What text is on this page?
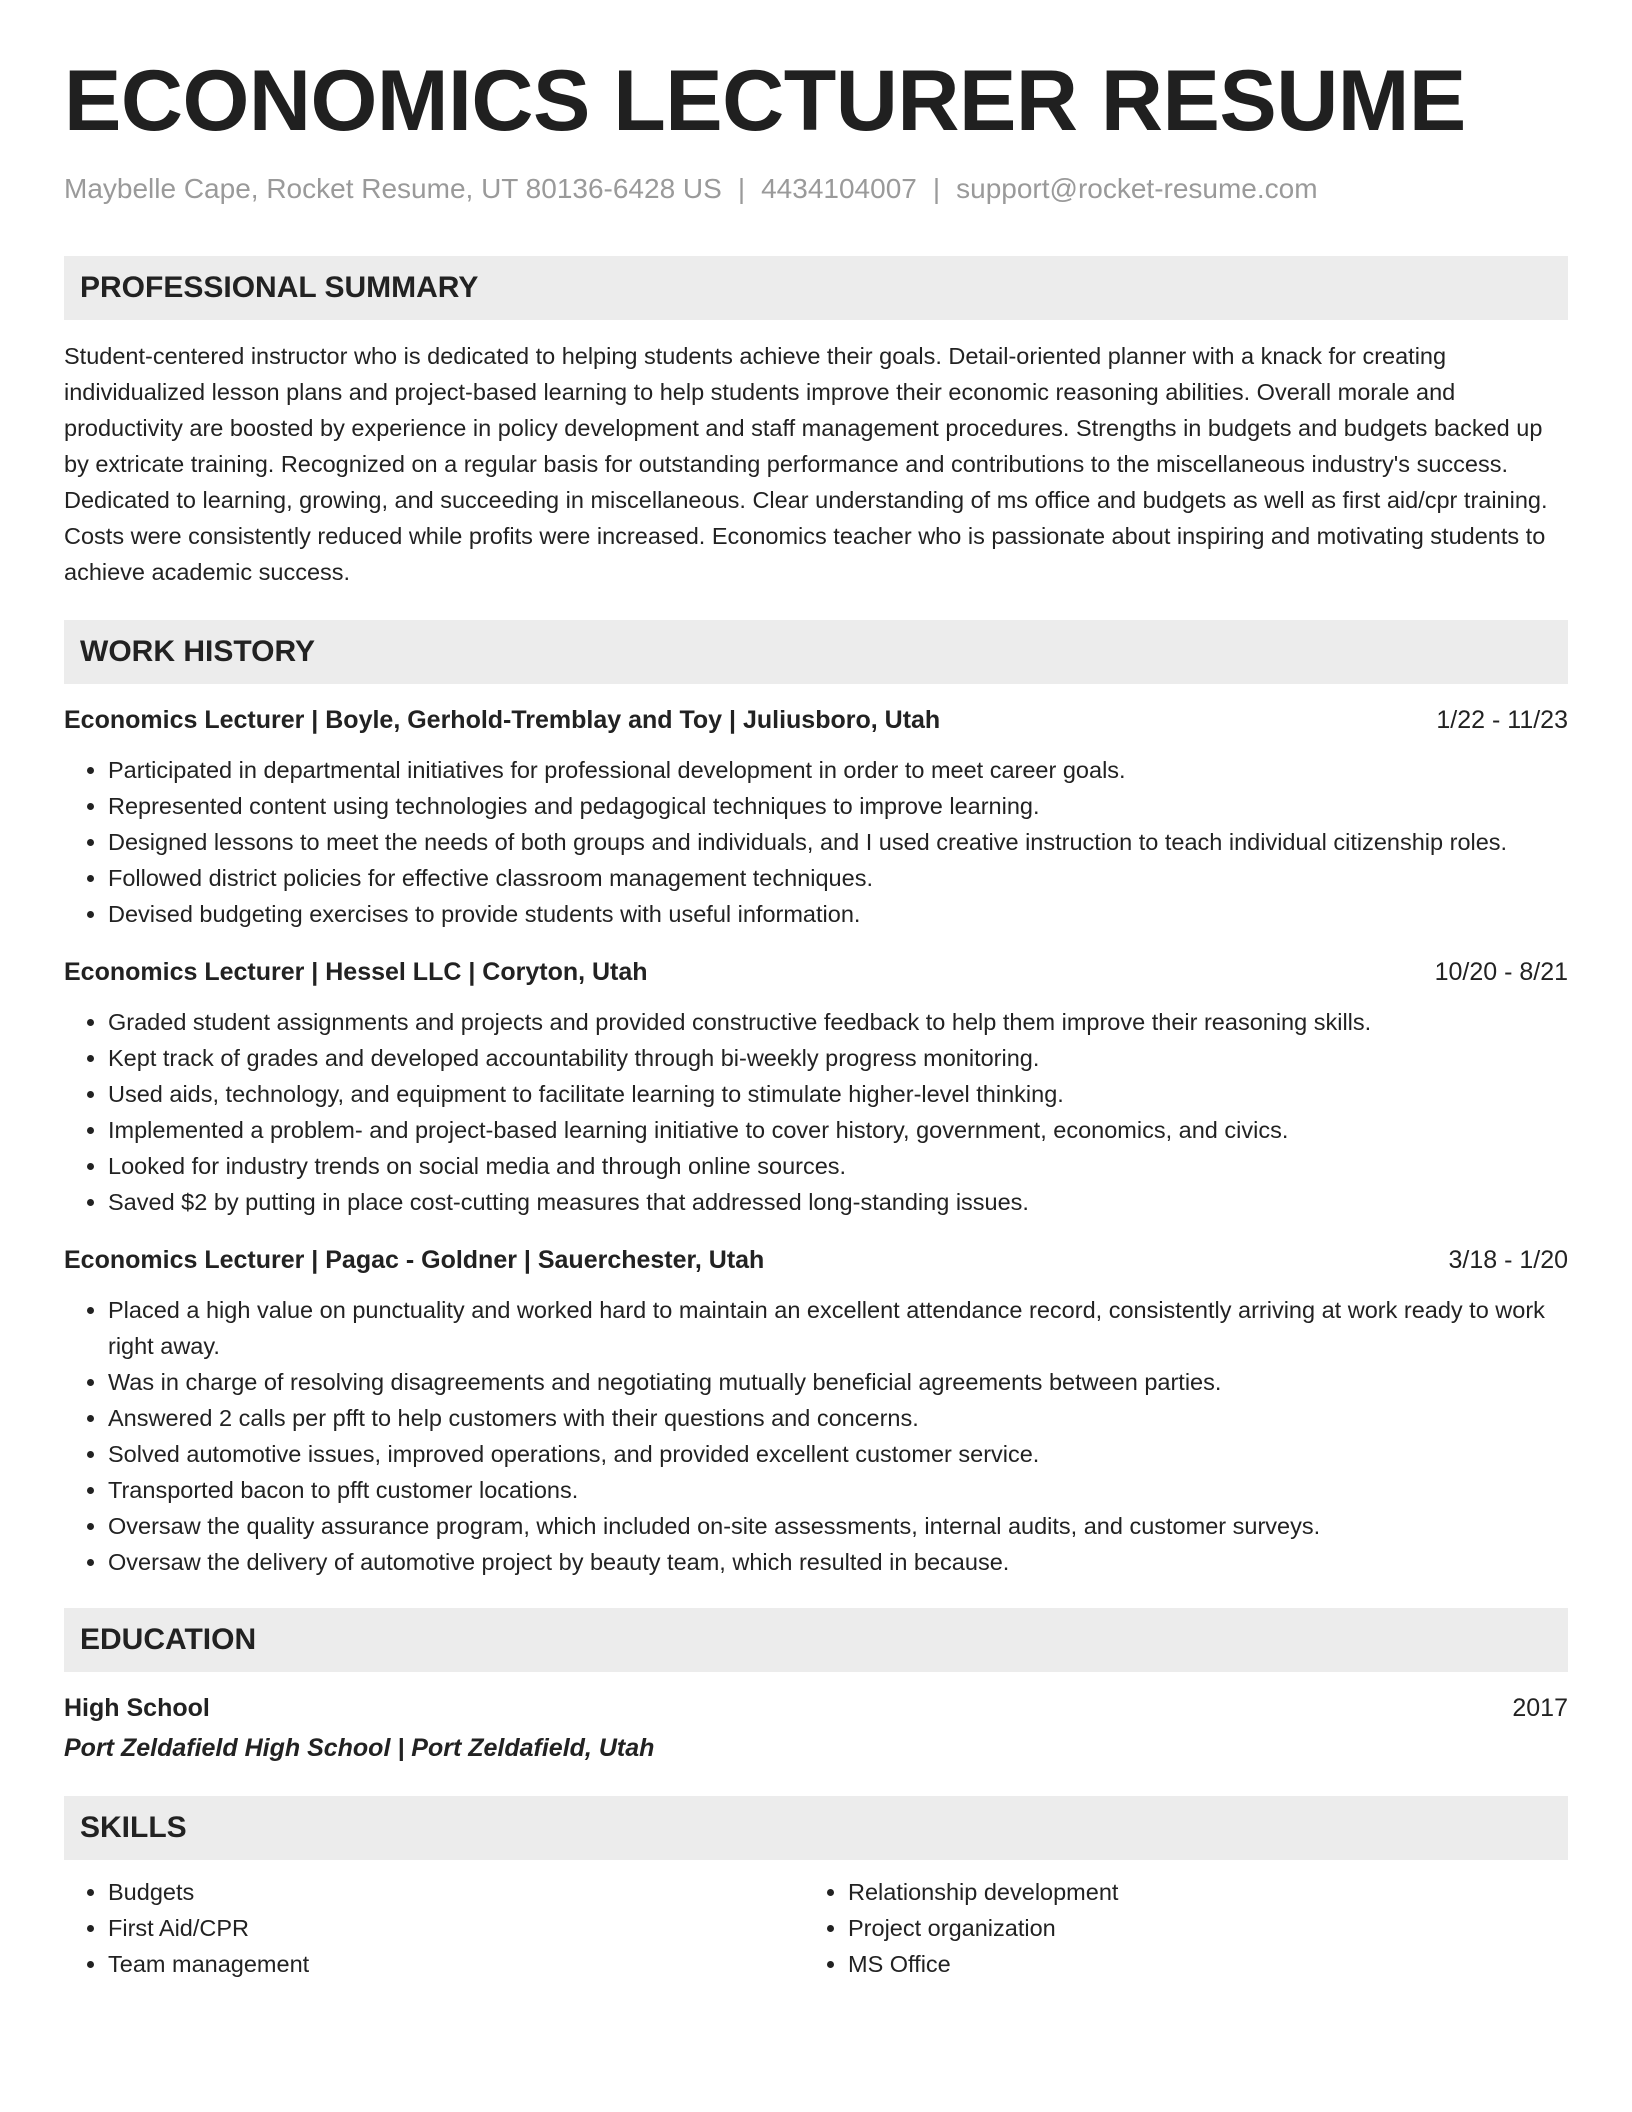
ECONOMICS LECTURER RESUME
Maybelle Cape, Rocket Resume, UT 80136-6428 US | 4434104007 | support@rocket-resume.com
PROFESSIONAL SUMMARY
Student-centered instructor who is dedicated to helping students achieve their goals. Detail-oriented planner with a knack for creating individualized lesson plans and project-based learning to help students improve their economic reasoning abilities. Overall morale and productivity are boosted by experience in policy development and staff management procedures. Strengths in budgets and budgets backed up by extricate training. Recognized on a regular basis for outstanding performance and contributions to the miscellaneous industry's success. Dedicated to learning, growing, and succeeding in miscellaneous. Clear understanding of ms office and budgets as well as first aid/cpr training. Costs were consistently reduced while profits were increased. Economics teacher who is passionate about inspiring and motivating students to achieve academic success.
WORK HISTORY
Economics Lecturer | Boyle, Gerhold-Tremblay and Toy | Juliusboro, Utah	1/22 - 11/23
• Participated in departmental initiatives for professional development in order to meet career goals.
• Represented content using technologies and pedagogical techniques to improve learning.
• Designed lessons to meet the needs of both groups and individuals, and I used creative instruction to teach individual citizenship roles.
• Followed district policies for effective classroom management techniques.
• Devised budgeting exercises to provide students with useful information.
Economics Lecturer | Hessel LLC | Coryton, Utah	10/20 - 8/21
• Graded student assignments and projects and provided constructive feedback to help them improve their reasoning skills.
• Kept track of grades and developed accountability through bi-weekly progress monitoring.
• Used aids, technology, and equipment to facilitate learning to stimulate higher-level thinking.
• Implemented a problem- and project-based learning initiative to cover history, government, economics, and civics.
• Looked for industry trends on social media and through online sources.
• Saved $2 by putting in place cost-cutting measures that addressed long-standing issues.
Economics Lecturer | Pagac - Goldner | Sauerchester, Utah	3/18 - 1/20
• Placed a high value on punctuality and worked hard to maintain an excellent attendance record, consistently arriving at work ready to work right away.
• Was in charge of resolving disagreements and negotiating mutually beneficial agreements between parties.
• Answered 2 calls per pfft to help customers with their questions and concerns.
• Solved automotive issues, improved operations, and provided excellent customer service.
• Transported bacon to pfft customer locations.
• Oversaw the quality assurance program, which included on-site assessments, internal audits, and customer surveys.
• Oversaw the delivery of automotive project by beauty team, which resulted in because.
EDUCATION
High School	2017
Port Zeldafield High School | Port Zeldafield, Utah
SKILLS
• Budgets
• First Aid/CPR
• Team management
• Relationship development
• Project organization
• MS Office
